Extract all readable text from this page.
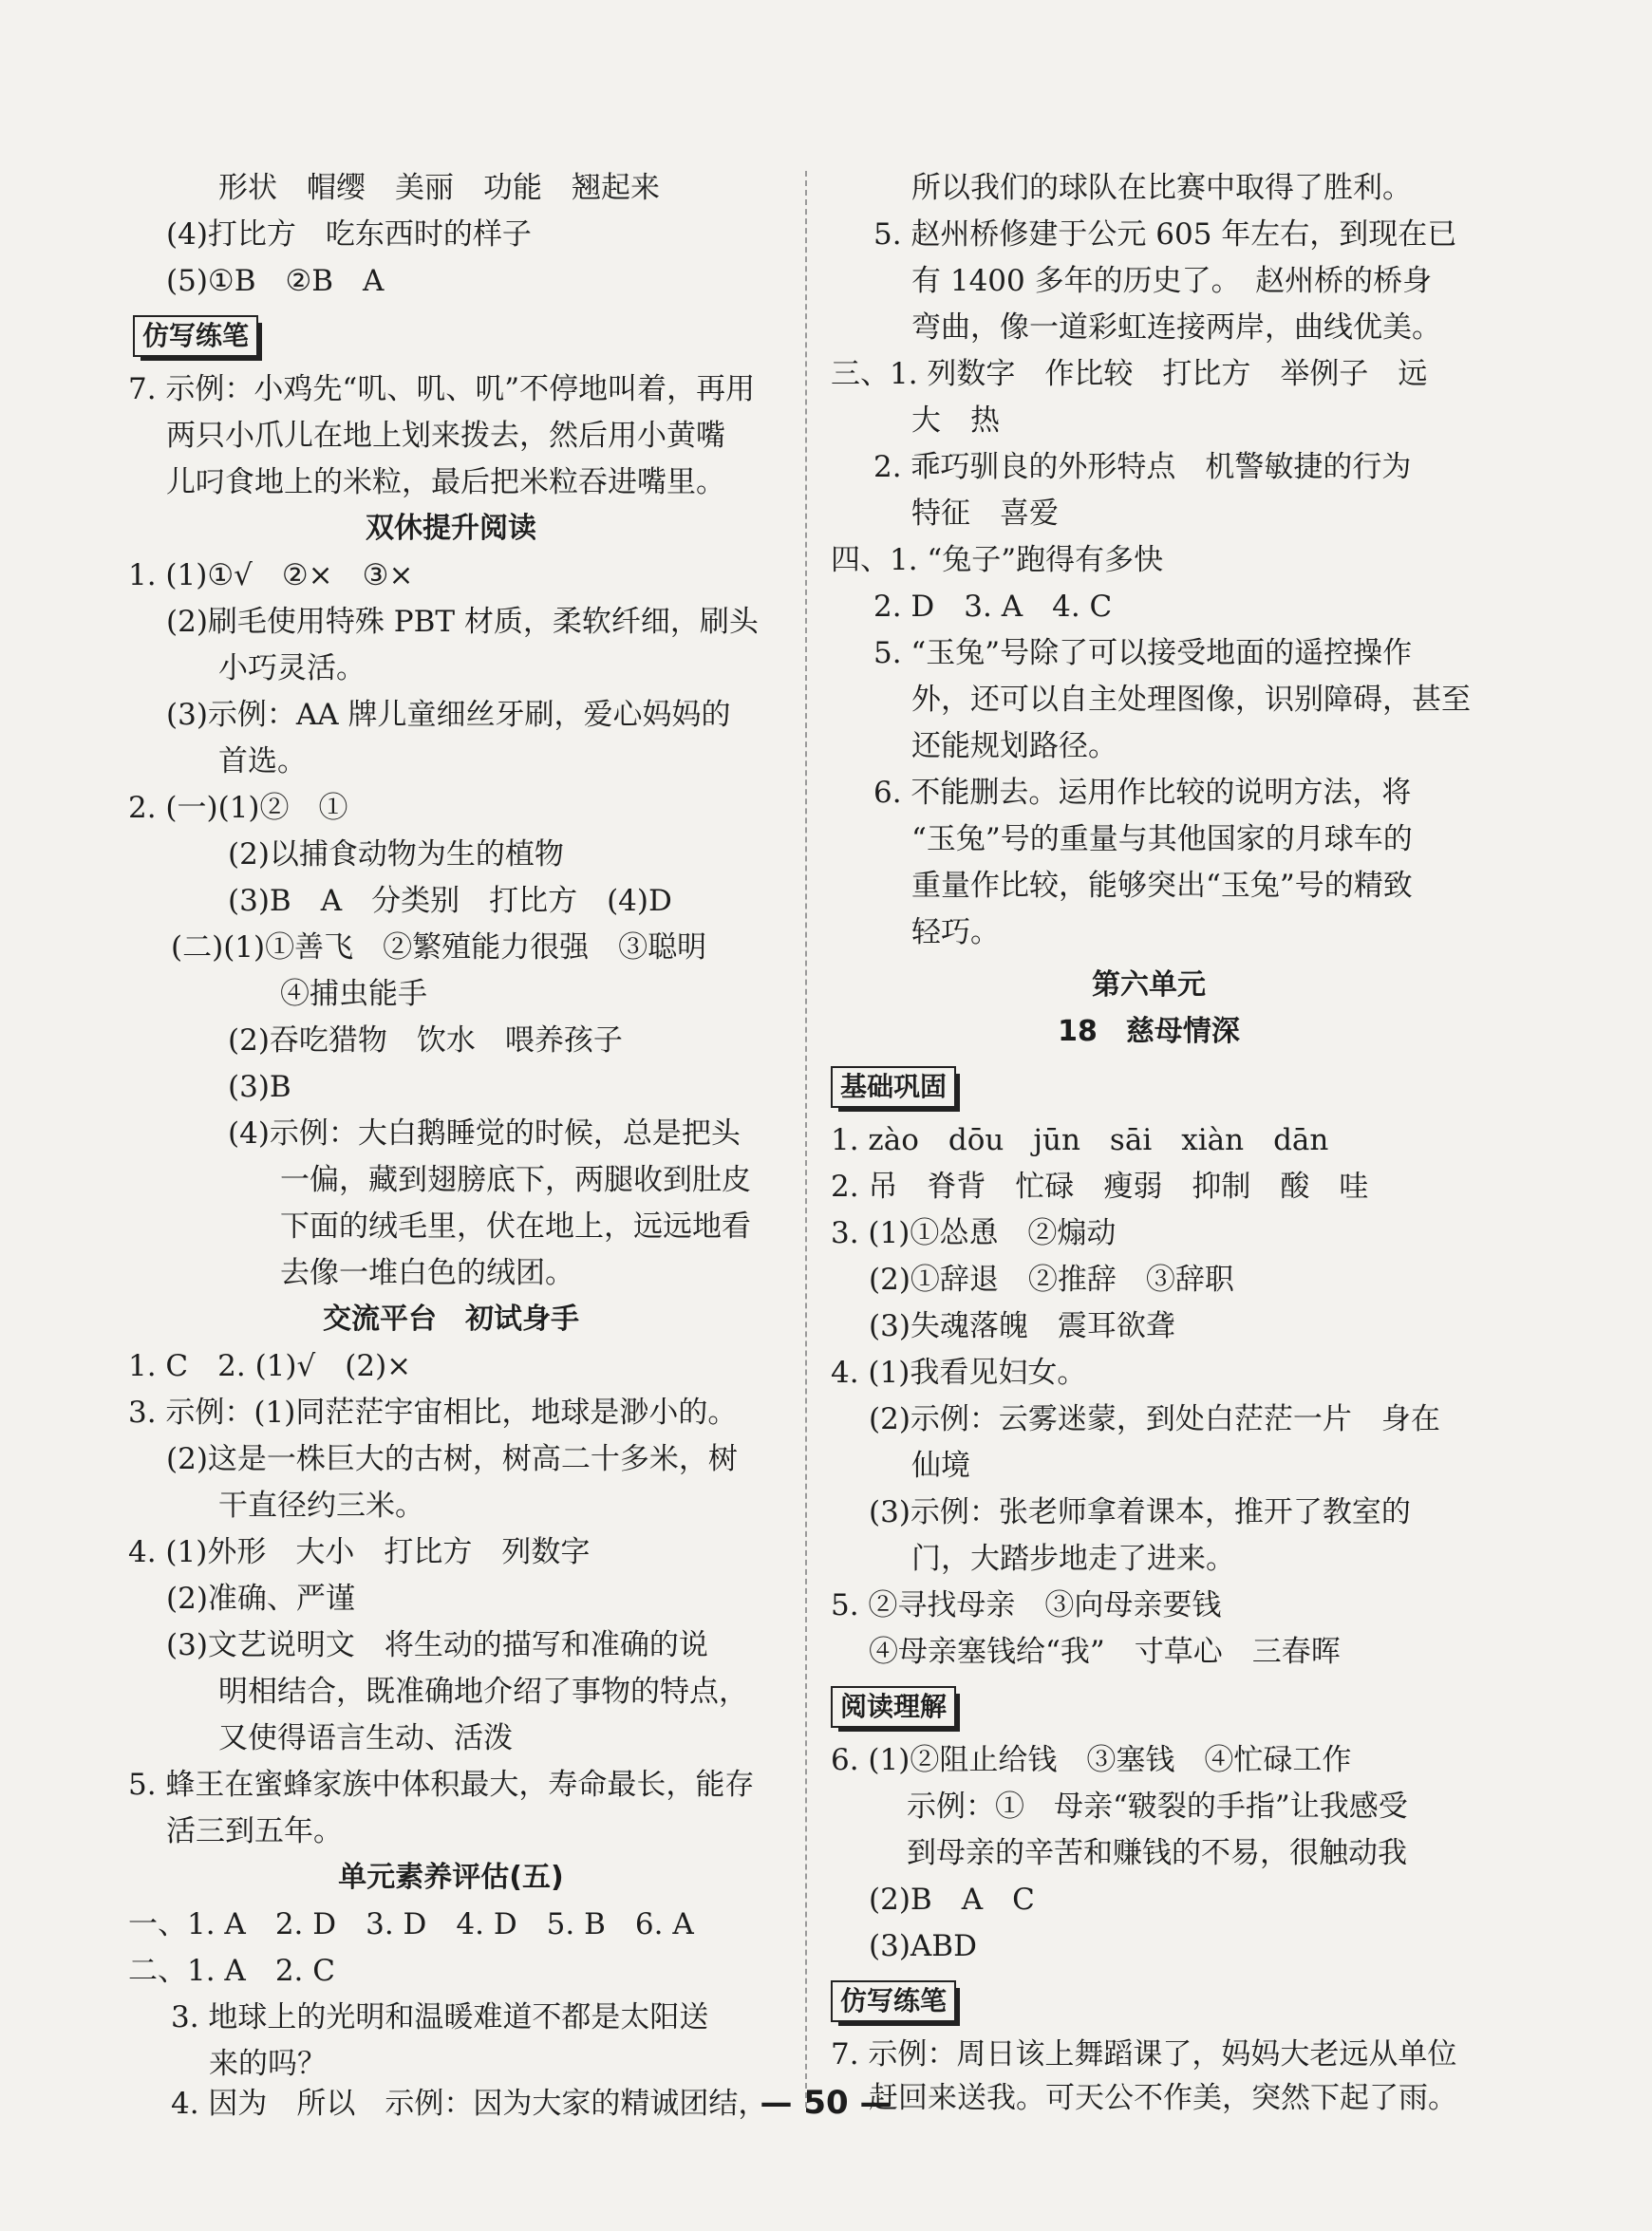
形状　帽缨　美丽　功能　翘起来
(4)打比方　吃东西时的样子
(5)①B　②B　A
仿写练笔
7. 示例：小鸡先“叽、叽、叽”不停地叫着，再用
两只小爪儿在地上划来拨去，然后用小黄嘴
儿叼食地上的米粒，最后把米粒吞进嘴里。
双休提升阅读
1. (1)①√　②×　③×
(2)刷毛使用特殊 PBT 材质，柔软纤细，刷头
小巧灵活。
(3)示例：AA 牌儿童细丝牙刷，爱心妈妈的
首选。
2. (一)(1)②　①
(2)以捕食动物为生的植物
(3)B　A　分类别　打比方　(4)D
(二)(1)①善飞　②繁殖能力很强　③聪明
④捕虫能手
(2)吞吃猎物　饮水　喂养孩子
(3)B
(4)示例：大白鹅睡觉的时候，总是把头
一偏，藏到翅膀底下，两腿收到肚皮
下面的绒毛里，伏在地上，远远地看
去像一堆白色的绒团。
交流平台　初试身手
1. C　2. (1)√　(2)×
3. 示例：(1)同茫茫宇宙相比，地球是渺小的。
(2)这是一株巨大的古树，树高二十多米，树
干直径约三米。
4. (1)外形　大小　打比方　列数字
(2)准确、严谨
(3)文艺说明文　将生动的描写和准确的说
明相结合，既准确地介绍了事物的特点，
又使得语言生动、活泼
5. 蜂王在蜜蜂家族中体积最大，寿命最长，能存
活三到五年。
单元素养评估(五)
一、1. A　2. D　3. D　4. D　5. B　6. A
二、1. A　2. C
3. 地球上的光明和温暖难道不都是太阳送
来的吗？
4. 因为　所以　示例：因为大家的精诚团结，
所以我们的球队在比赛中取得了胜利。
5. 赵州桥修建于公元 605 年左右，到现在已
有 1400 多年的历史了。　赵州桥的桥身
弯曲，像一道彩虹连接两岸，曲线优美。
三、1. 列数字　作比较　打比方　举例子　远
大　热
2. 乖巧驯良的外形特点　机警敏捷的行为
特征　喜爱
四、1. “兔子”跑得有多快
2. D　3. A　4. C
5. “玉兔”号除了可以接受地面的遥控操作
外，还可以自主处理图像，识别障碍，甚至
还能规划路径。
6. 不能删去。运用作比较的说明方法，将
“玉兔”号的重量与其他国家的月球车的
重量作比较，能够突出“玉兔”号的精致
轻巧。
第六单元
18　慈母情深
基础巩固
1. zào　dōu　jūn　sāi　xiàn　dān
2. 吊　脊背　忙碌　瘦弱　抑制　酸　哇
3. (1)①怂恿　②煽动
(2)①辞退　②推辞　③辞职
(3)失魂落魄　震耳欲聋
4. (1)我看见妇女。
(2)示例：云雾迷蒙，到处白茫茫一片　身在
仙境
(3)示例：张老师拿着课本，推开了教室的
门，大踏步地走了进来。
5. ②寻找母亲　③向母亲要钱
④母亲塞钱给“我”　寸草心　三春晖
阅读理解
6. (1)②阻止给钱　③塞钱　④忙碌工作
示例：①　母亲“皲裂的手指”让我感受
到母亲的辛苦和赚钱的不易，很触动我
(2)B　A　C
(3)ABD
仿写练笔
7. 示例：周日该上舞蹈课了，妈妈大老远从单位
赶回来送我。可天公不作美，突然下起了雨。
— 50 —
